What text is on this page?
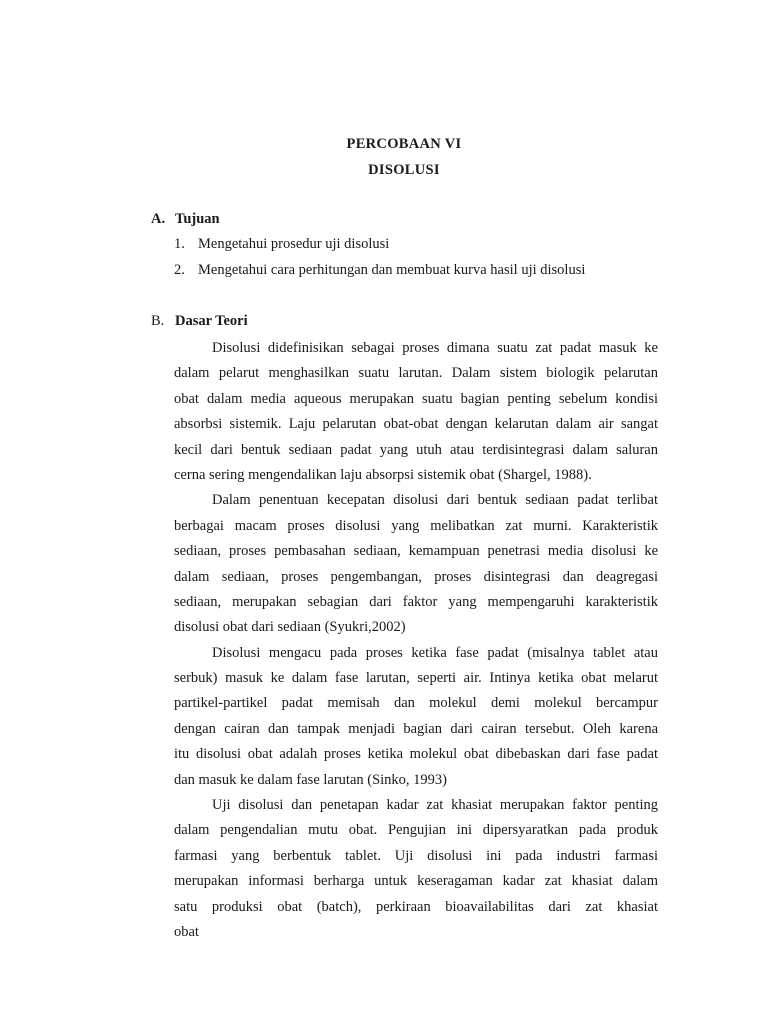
PERCOBAAN VI
DISOLUSI
A. Tujuan
1. Mengetahui prosedur uji disolusi
2. Mengetahui cara perhitungan dan membuat kurva hasil uji disolusi
B. Dasar Teori
Disolusi didefinisikan sebagai proses dimana suatu zat padat masuk ke
dalam pelarut menghasilkan suatu larutan. Dalam sistem biologik pelarutan
obat dalam media aqueous merupakan suatu bagian penting sebelum kondisi
absorbsi sistemik. Laju pelarutan obat-obat dengan kelarutan dalam air sangat
kecil dari bentuk sediaan padat yang utuh atau terdisintegrasi dalam saluran
cerna sering mengendalikan laju absorpsi sistemik obat (Shargel, 1988).
Dalam penentuan kecepatan disolusi dari bentuk sediaan padat terlibat
berbagai macam proses disolusi yang melibatkan zat murni. Karakteristik
sediaan, proses pembasahan sediaan, kemampuan penetrasi media disolusi ke
dalam sediaan, proses pengembangan, proses disintegrasi dan deagregasi
sediaan, merupakan sebagian dari faktor yang mempengaruhi karakteristik
disolusi obat dari sediaan (Syukri,2002)
Disolusi mengacu pada proses ketika fase padat (misalnya tablet atau
serbuk) masuk ke dalam fase larutan, seperti air. Intinya ketika obat melarut
partikel-partikel padat memisah dan molekul demi molekul bercampur
dengan cairan dan tampak menjadi bagian dari cairan tersebut. Oleh karena
itu disolusi obat adalah proses ketika molekul obat dibebaskan dari fase padat
dan masuk ke dalam fase larutan (Sinko, 1993)
Uji disolusi dan penetapan kadar zat khasiat merupakan faktor penting
dalam pengendalian mutu obat. Pengujian ini dipersyaratkan pada produk
farmasi yang berbentuk tablet. Uji disolusi ini pada industri farmasi
merupakan informasi berharga untuk keseragaman kadar zat khasiat dalam
satu produksi obat (batch), perkiraan bioavailabilitas dari zat khasiat
obat
